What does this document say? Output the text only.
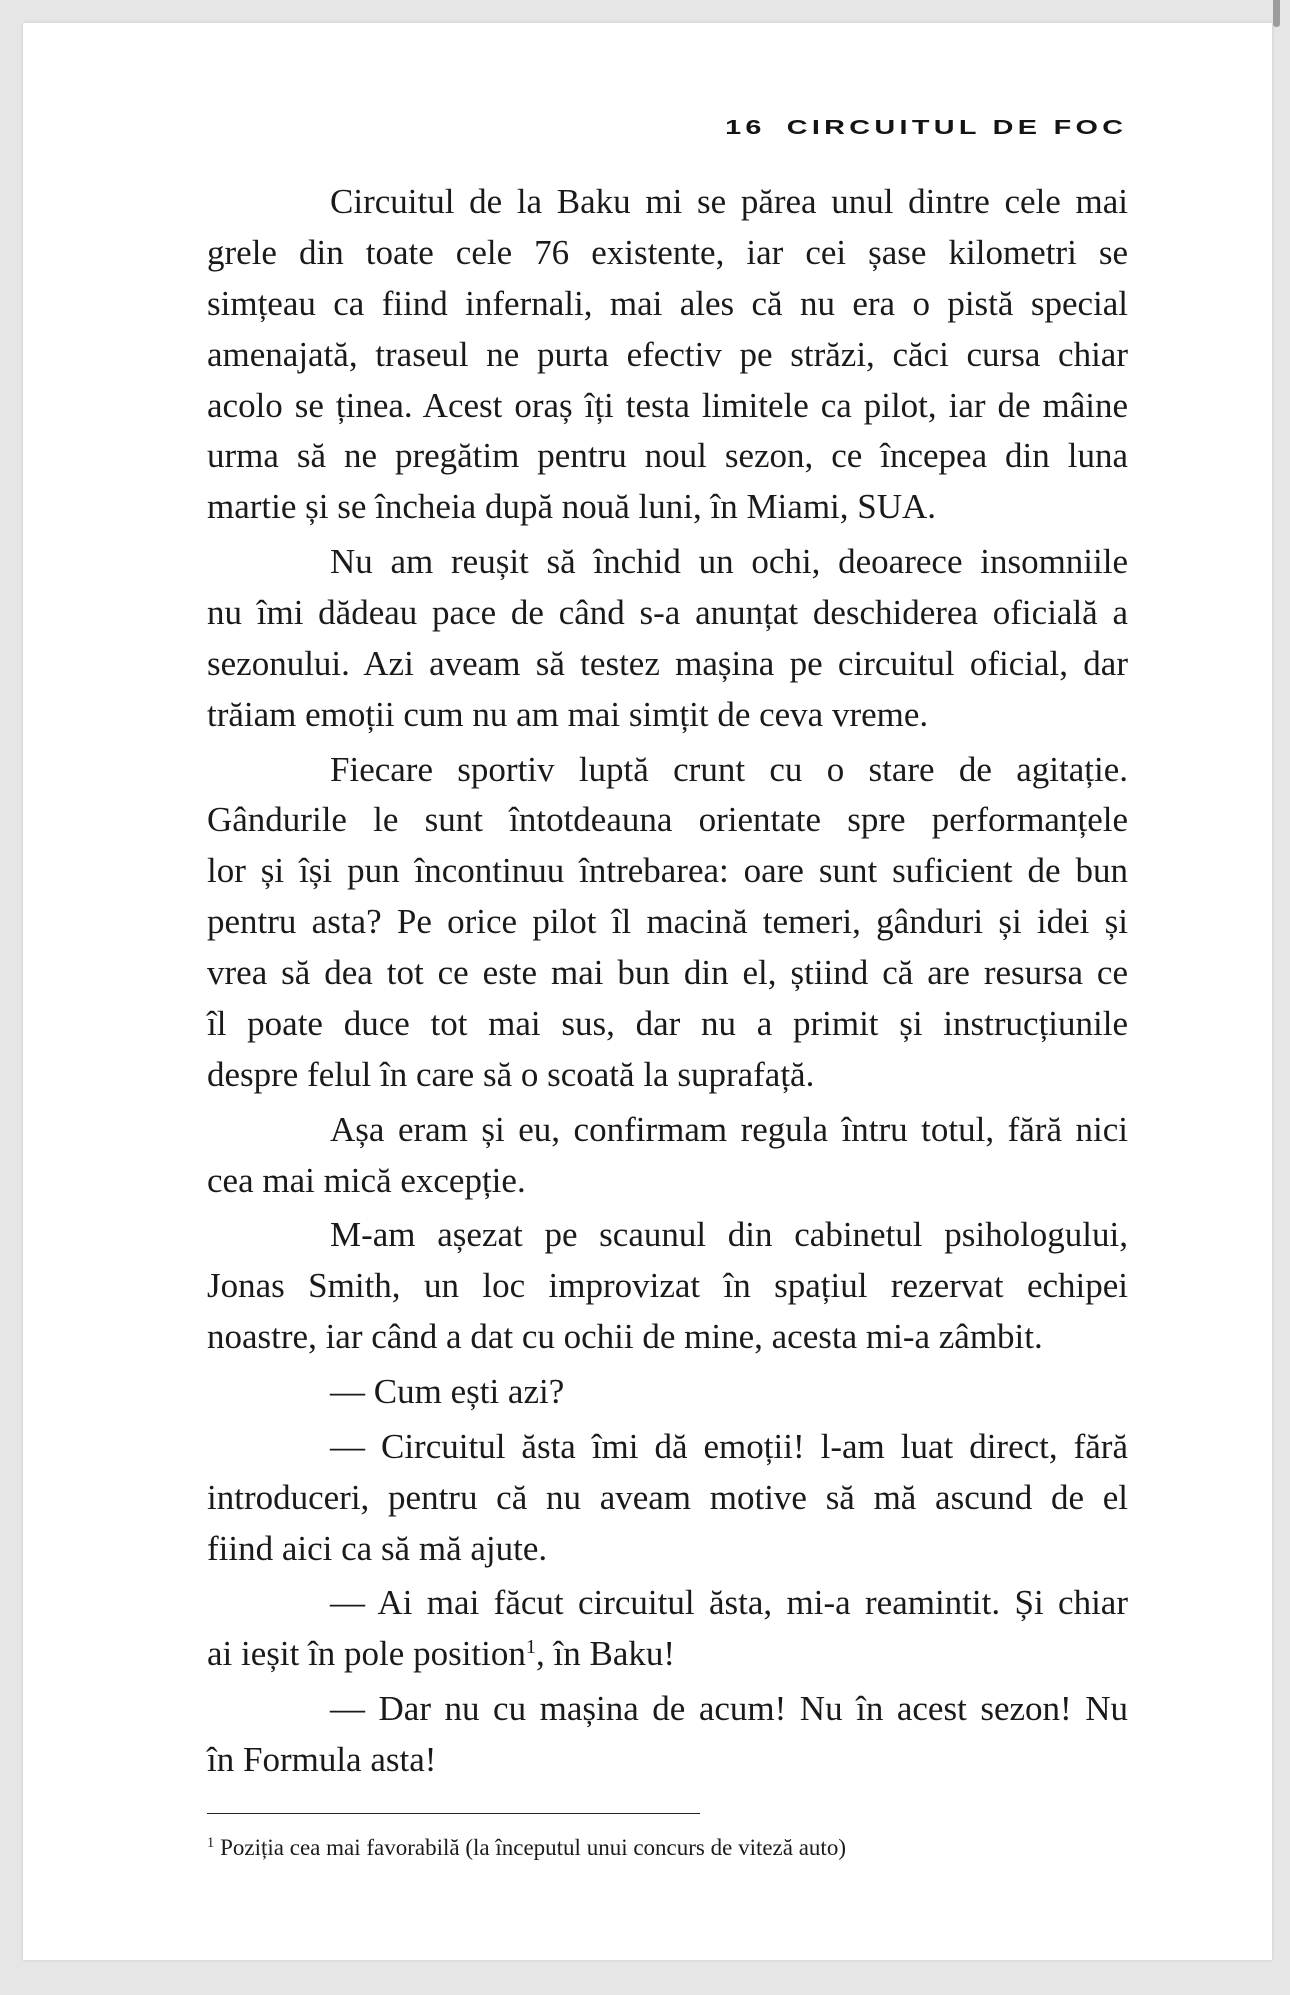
16 CIRCUITUL DE FOC
Circuitul de la Baku mi se părea unul dintre cele mai
grele din toate cele 76 existente, iar cei șase kilometri se
simțeau ca fiind infernali, mai ales că nu era o pistă special
amenajată, traseul ne purta efectiv pe străzi, căci cursa chiar
acolo se ținea. Acest oraș îți testa limitele ca pilot, iar de mâine
urma să ne pregătim pentru noul sezon, ce începea din luna
martie și se încheia după nouă luni, în Miami, SUA.
Nu am reușit să închid un ochi, deoarece insomniile
nu îmi dădeau pace de când s-a anunțat deschiderea oficială a
sezonului. Azi aveam să testez mașina pe circuitul oficial, dar
trăiam emoții cum nu am mai simțit de ceva vreme.
Fiecare sportiv luptă crunt cu o stare de agitație.
Gândurile le sunt întotdeauna orientate spre performanțele
lor și își pun încontinuu întrebarea: oare sunt suficient de bun
pentru asta? Pe orice pilot îl macină temeri, gânduri și idei și
vrea să dea tot ce este mai bun din el, știind că are resursa ce
îl poate duce tot mai sus, dar nu a primit și instrucțiunile
despre felul în care să o scoată la suprafață.
Așa eram și eu, confirmam regula întru totul, fără nici
cea mai mică excepție.
M-am așezat pe scaunul din cabinetul psihologului,
Jonas Smith, un loc improvizat în spațiul rezervat echipei
noastre, iar când a dat cu ochii de mine, acesta mi-a zâmbit.
— Cum ești azi?
— Circuitul ăsta îmi dă emoții! l-am luat direct, fără
introduceri, pentru că nu aveam motive să mă ascund de el
fiind aici ca să mă ajute.
— Ai mai făcut circuitul ăsta, mi-a reamintit. Și chiar
ai ieșit în pole position$^1$, în Baku!
— Dar nu cu mașina de acum! Nu în acest sezon! Nu
în Formula asta!
$^1$ Poziția cea mai favorabilă (la începutul unui concurs de viteză auto)
